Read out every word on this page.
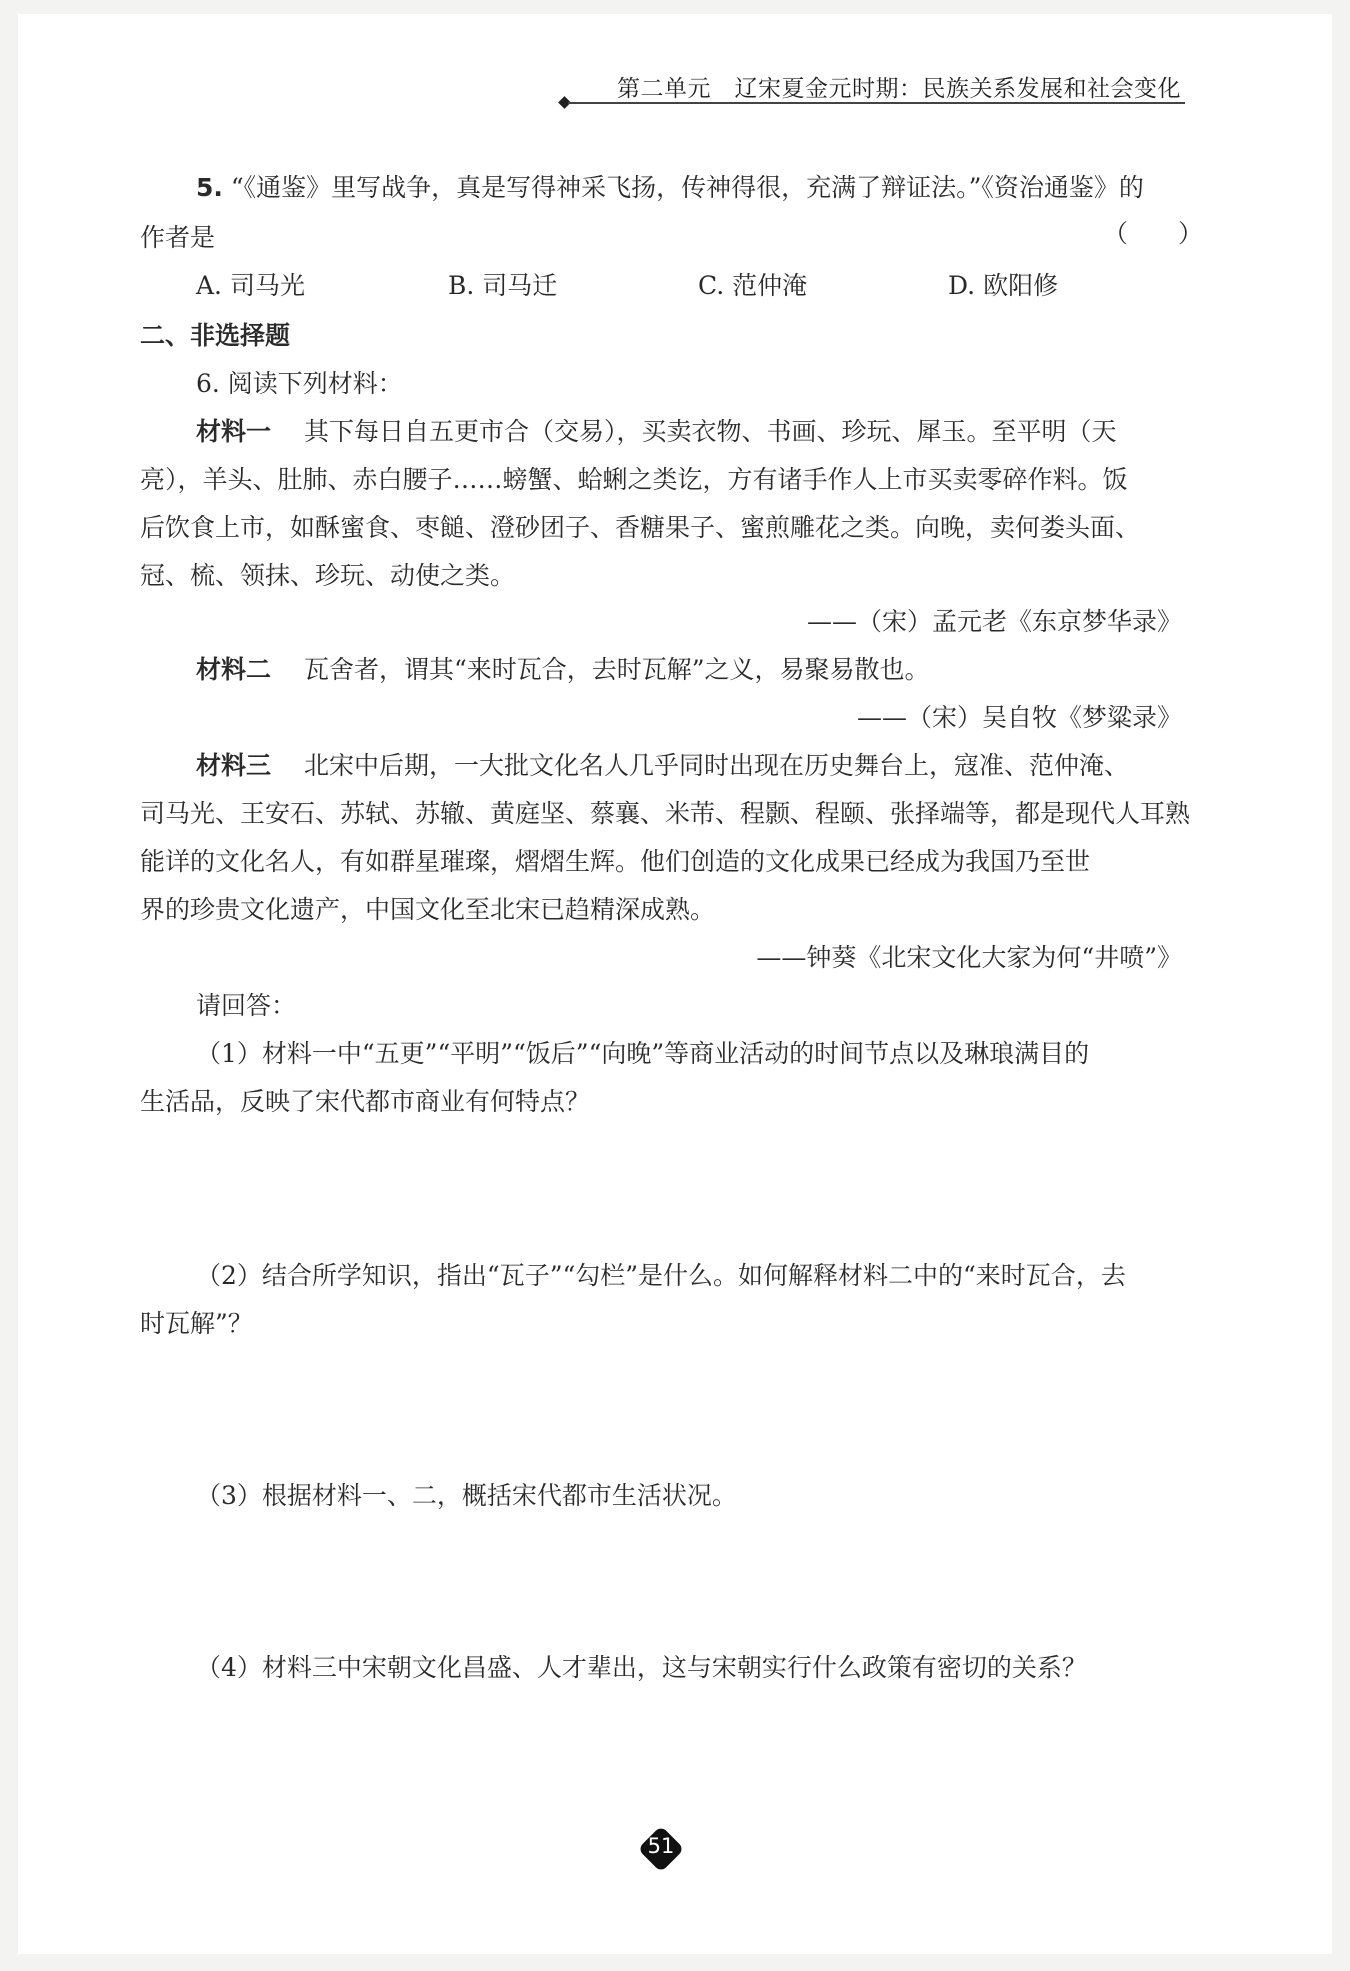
第二单元　辽宋夏金元时期：民族关系发展和社会变化
5. “《通鉴》里写战争，真是写得神采飞扬，传神得很，充满了辩证法。”《资治通鉴》的
作者是	（　　）
A. 司马光	B. 司马迁	C. 范仲淹	D. 欧阳修
二、非选择题
6. 阅读下列材料：
材料一　 其下每日自五更市合（交易），买卖衣物、书画、珍玩、犀玉。至平明（天
亮），羊头、肚肺、赤白腰子……螃蟹、蛤蜊之类讫，方有诸手作人上市买卖零碎作料。饭
后饮食上市，如酥蜜食、枣䭔、澄砂团子、香糖果子、蜜煎雕花之类。向晚，卖何娄头面、
冠、梳、领抹、珍玩、动使之类。
——（宋）孟元老《东京梦华录》
材料二　 瓦舍者，谓其“来时瓦合，去时瓦解”之义，易聚易散也。
——（宋）吴自牧《梦粱录》
材料三　 北宋中后期，一大批文化名人几乎同时出现在历史舞台上，寇准、范仲淹、
司马光、王安石、苏轼、苏辙、黄庭坚、蔡襄、米芾、程颢、程颐、张择端等，都是现代人耳熟
能详的文化名人，有如群星璀璨，熠熠生辉。他们创造的文化成果已经成为我国乃至世
界的珍贵文化遗产，中国文化至北宋已趋精深成熟。
——钟葵《北宋文化大家为何“井喷”》
请回答：
（1）材料一中“五更”“平明”“饭后”“向晚”等商业活动的时间节点以及琳琅满目的
生活品，反映了宋代都市商业有何特点？
（2）结合所学知识，指出“瓦子”“勾栏”是什么。如何解释材料二中的“来时瓦合，去
时瓦解”？
（3）根据材料一、二，概括宋代都市生活状况。
（4）材料三中宋朝文化昌盛、人才辈出，这与宋朝实行什么政策有密切的关系？
51
